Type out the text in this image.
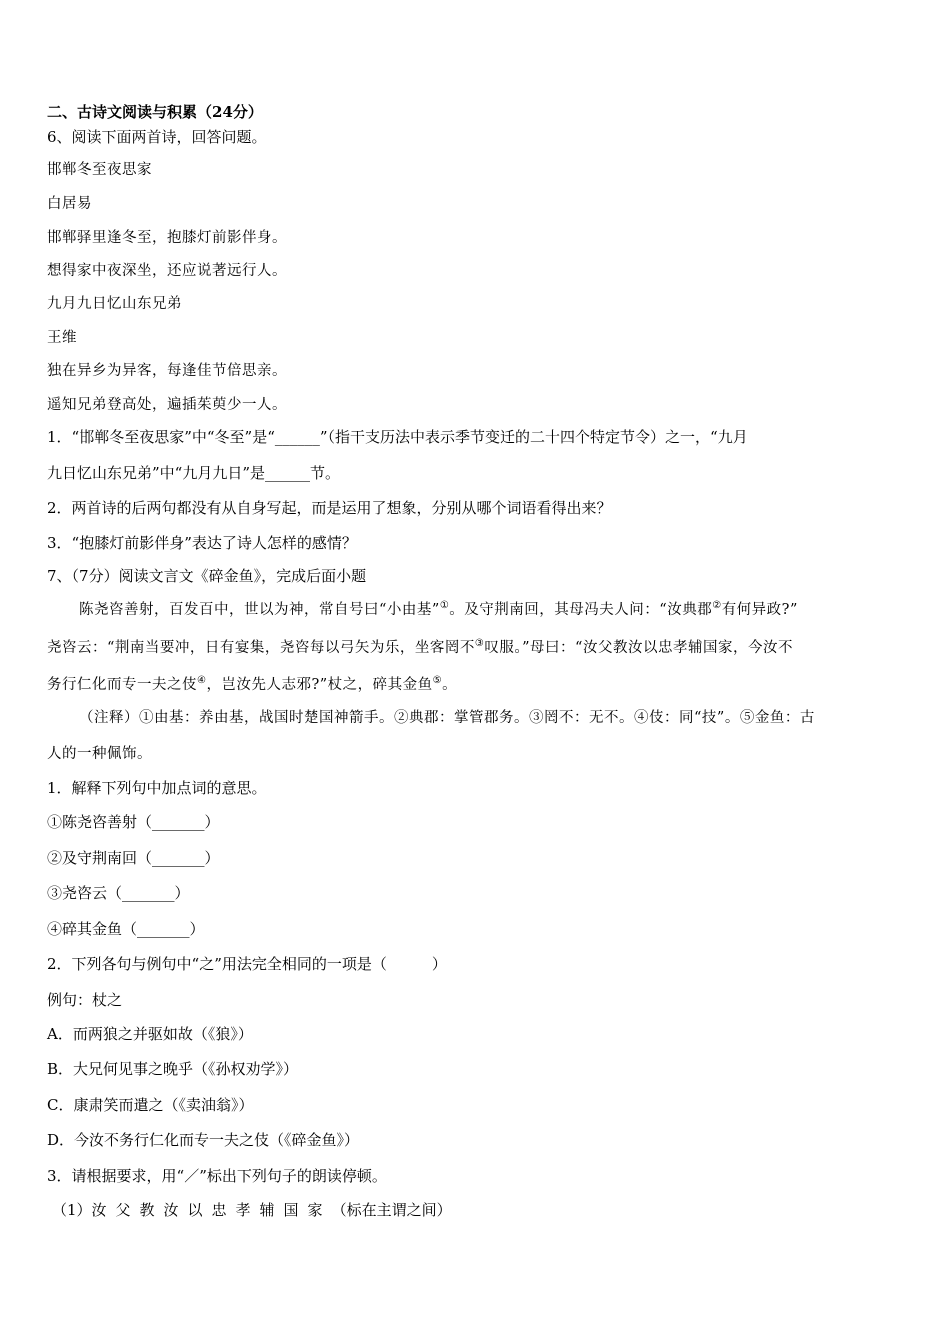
二、古诗文阅读与积累（24分）
6、阅读下面两首诗，回答问题。
邯郸冬至夜思家
白居易
邯郸驿里逢冬至，抱膝灯前影伴身。
想得家中夜深坐，还应说著远行人。
九月九日忆山东兄弟
王维
独在异乡为异客，每逢佳节倍思亲。
遥知兄弟登高处，遍插茱萸少一人。
1．“邯郸冬至夜思家”中“冬至”是“______”（指干支历法中表示季节变迁的二十四个特定节令）之一，“九月
九日忆山东兄弟”中“九月九日”是______节。
2．两首诗的后两句都没有从自身写起，而是运用了想象，分别从哪个词语看得出来？
3．“抱膝灯前影伴身”表达了诗人怎样的感情？
7、（7分）阅读文言文《碎金鱼》，完成后面小题
陈尧咨善射，百发百中，世以为神，常自号曰“小由基”①。及守荆南回，其母冯夫人问：“汝典郡②有何异政?”
尧咨云：“荆南当要冲，日有宴集，尧咨每以弓矢为乐，坐客罔不③叹服。”母曰：“汝父教汝以忠孝辅国家，今汝不
务行仁化而专一夫之伎④，岂汝先人志邪?”杖之，碎其金鱼⑤。
（注释）①由基：养由基，战国时楚国神箭手。②典郡：掌管郡务。③罔不：无不。④伎：同“技”。⑤金鱼：古
人的一种佩饰。
1．解释下列句中加点词的意思。
①陈尧咨善射（_______）
②及守荆南回（_______）
③尧咨云（_______）
④碎其金鱼（_______）
2．下列各句与例句中“之”用法完全相同的一项是（　　　）
例句：杖之
A．而两狼之并驱如故（《狼》）
B．大兄何见事之晚乎（《孙权劝学》）
C．康肃笑而遣之（《卖油翁》）
D．今汝不务行仁化而专一夫之伎（《碎金鱼》）
3．请根据要求，用“／”标出下列句子的朗读停顿。
（1）汝父教汝以忠孝辅国家（标在主谓之间）
